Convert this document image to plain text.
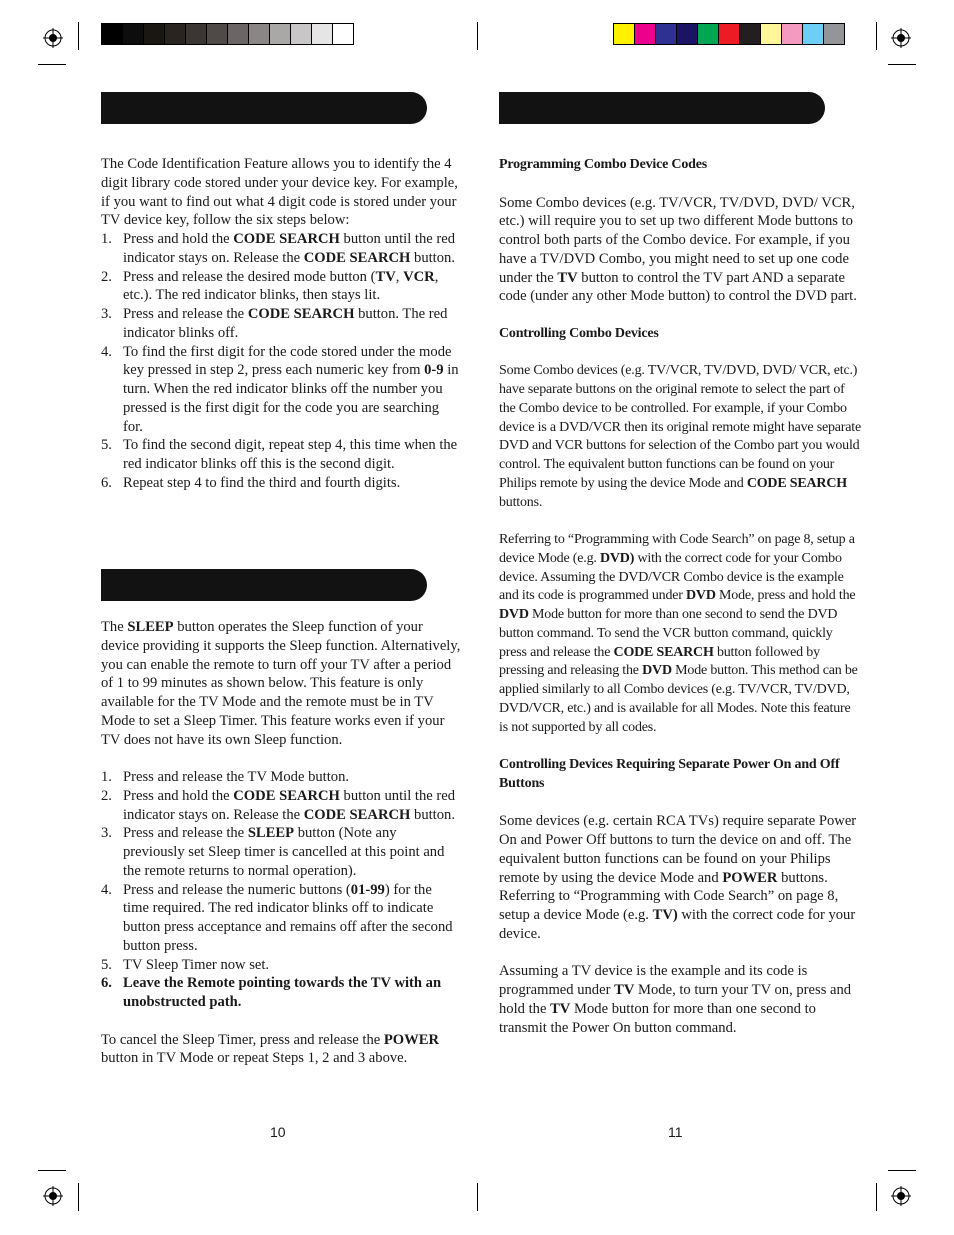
The Code Identification Feature allows you to identify the 4 digit library code stored under your device key. For example, if you want to find out what 4 digit code is stored under your TV device key, follow the six steps below:

1. Press and hold the CODE SEARCH button until the red indicator stays on. Release the CODE SEARCH button.
2. Press and release the desired mode button (TV, VCR, etc.). The red indicator blinks, then stays lit.
3. Press and release the CODE SEARCH button. The red indicator blinks off.
4. To find the first digit for the code stored under the mode key pressed in step 2, press each numeric key from 0-9 in turn. When the red indicator blinks off the number you pressed is the first digit for the code you are searching for.
5. To find the second digit, repeat step 4, this time when the red indicator blinks off this is the second digit.
6. Repeat step 4 to find the third and fourth digits.

The SLEEP button operates the Sleep function of your device providing it supports the Sleep function. Alternatively, you can enable the remote to turn off your TV after a period of 1 to 99 minutes as shown below. This feature is only available for the TV Mode and the remote must be in TV Mode to set a Sleep Timer. This feature works even if your TV does not have its own Sleep function.

1. Press and release the TV Mode button.
2. Press and hold the CODE SEARCH button until the red indicator stays on. Release the CODE SEARCH button.
3. Press and release the SLEEP button (Note any previously set Sleep timer is cancelled at this point and the remote returns to normal operation).
4. Press and release the numeric buttons (01-99) for the time required. The red indicator blinks off to indicate button press acceptance and remains off after the second button press.
5. TV Sleep Timer now set.
6. Leave the Remote pointing towards the TV with an unobstructed path.

To cancel the Sleep Timer, press and release the POWER button in TV Mode or repeat Steps 1, 2 and 3 above.

10

Programming Combo Device Codes

Some Combo devices (e.g. TV/VCR, TV/DVD, DVD/ VCR, etc.) will require you to set up two different Mode buttons to control both parts of the Combo device. For example, if you have a TV/DVD Combo, you might need to set up one code under the TV button to control the TV part AND a separate code (under any other Mode button) to control the DVD part.

Controlling Combo Devices

Some Combo devices (e.g. TV/VCR, TV/DVD, DVD/ VCR, etc.) have separate buttons on the original remote to select the part of the Combo device to be controlled. For example, if your Combo device is a DVD/VCR then its original remote might have separate DVD and VCR buttons for selection of the Combo part you would control. The equivalent button functions can be found on your Philips remote by using the device Mode and CODE SEARCH buttons.

Referring to “Programming with Code Search” on page 8, setup a device Mode (e.g. DVD) with the correct code for your Combo device. Assuming the DVD/VCR Combo device is the example and its code is programmed under DVD Mode, press and hold the DVD Mode button for more than one second to send the DVD button command. To send the VCR button command, quickly press and release the CODE SEARCH button followed by pressing and releasing the DVD Mode button. This method can be applied similarly to all Combo devices (e.g. TV/VCR, TV/DVD, DVD/VCR, etc.) and is available for all Modes. Note this feature is not supported by all codes.

Controlling Devices Requiring Separate Power On and Off Buttons

Some devices (e.g. certain RCA TVs) require separate Power On and Power Off buttons to turn the device on and off. The equivalent button functions can be found on your Philips remote by using the device Mode and POWER buttons. Referring to “Programming with Code Search” on page 8, setup a device Mode (e.g. TV) with the correct code for your device.

Assuming a TV device is the example and its code is programmed under TV Mode, to turn your TV on, press and hold the TV Mode button for more than one second to transmit the Power On button command.

11
